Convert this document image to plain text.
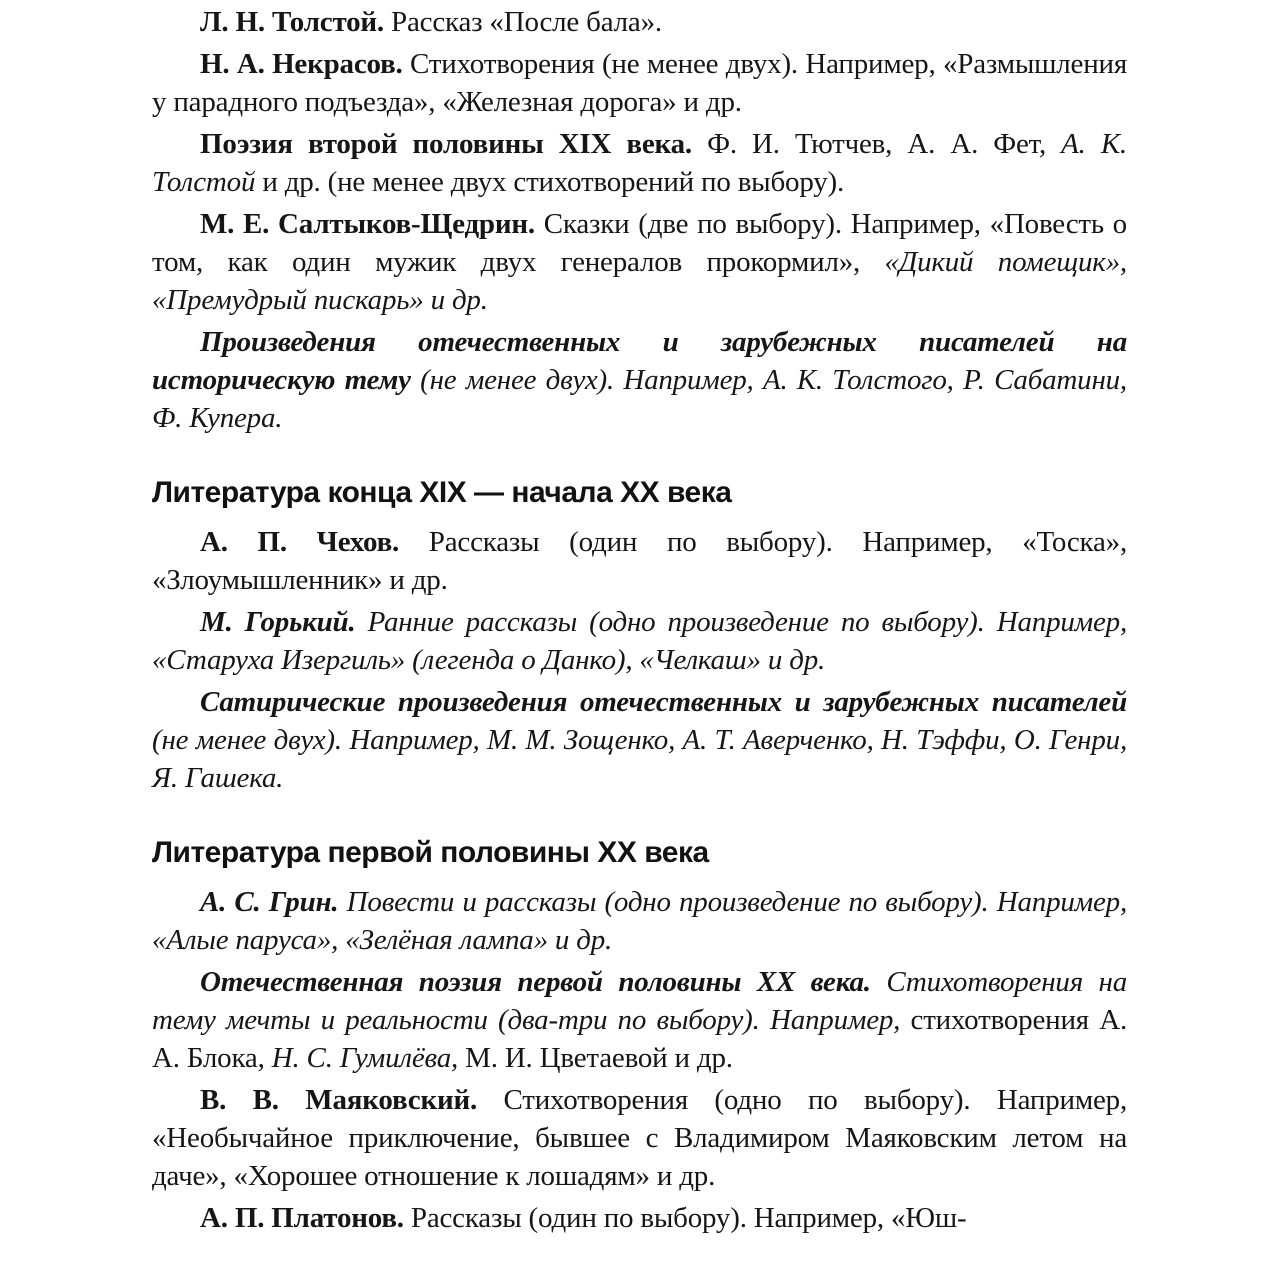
Л. Н. Толстой. Рассказ «После бала».

Н. А. Некрасов. Стихотворения (не менее двух). Например, «Размышления у парадного подъезда», «Железная дорога» и др.

Поэзия второй половины XIX века. Ф. И. Тютчев, А. А. Фет, А. К. Толстой и др. (не менее двух стихотворений по выбору).

М. Е. Салтыков-Щедрин. Сказки (две по выбору). Например, «Повесть о том, как один мужик двух генералов прокормил», «Дикий помещик», «Премудрый пискарь» и др.

Произведения отечественных и зарубежных писателей на историческую тему (не менее двух). Например, А. К. Толстого, Р. Сабатини, Ф. Купера.

Литература конца XIX — начала XX века

А. П. Чехов. Рассказы (один по выбору). Например, «Тоска», «Злоумышленник» и др.

М. Горький. Ранние рассказы (одно произведение по выбору). Например, «Старуха Изергиль» (легенда о Данко), «Челкаш» и др.

Сатирические произведения отечественных и зарубежных писателей (не менее двух). Например, М. М. Зощенко, А. Т. Аверченко, Н. Тэффи, О. Генри, Я. Гашека.

Литература первой половины XX века

А. С. Грин. Повести и рассказы (одно произведение по выбору). Например, «Алые паруса», «Зелёная лампа» и др.

Отечественная поэзия первой половины XX века. Стихотворения на тему мечты и реальности (два-три по выбору). Например, стихотворения А. А. Блока, Н. С. Гумилёва, М. И. Цветаевой и др.

В. В. Маяковский. Стихотворения (одно по выбору). Например, «Необычайное приключение, бывшее с Владимиром Маяковским летом на даче», «Хорошее отношение к лошадям» и др.

А. П. Платонов. Рассказы (один по выбору). Например, «Юш-
